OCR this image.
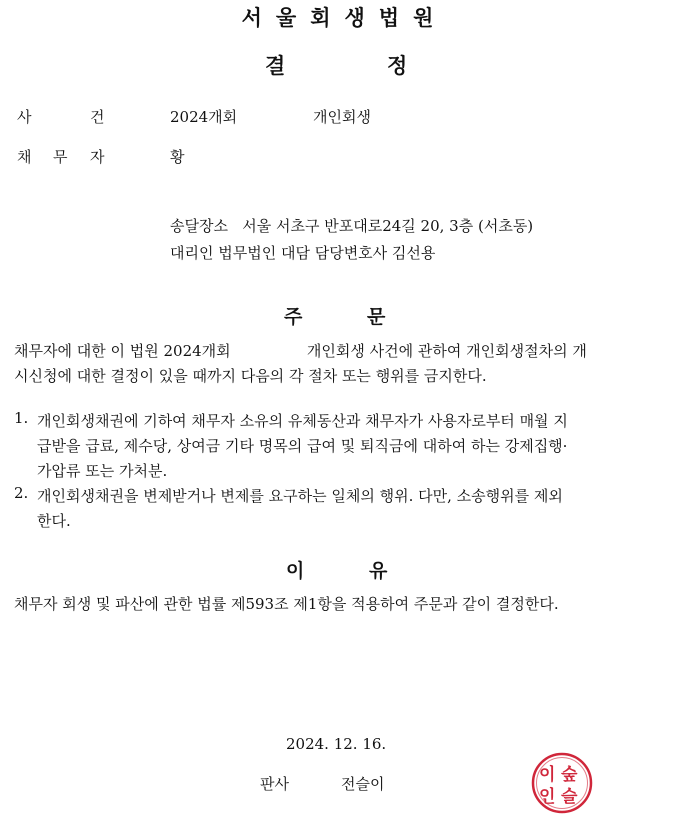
서울회생법원
결	정
사	건	2024개회	개인회생
채 무 자	황
송달장소   서울 서초구 반포대로24길 20, 3층 (서초동)
대리인 법무법인 대담 담당변호사 김선용
주	문
채무자에 대한 이 법원 2024개회                개인회생 사건에 관하여 개인회생절차의 개
시신청에 대한 결정이 있을 때까지 다음의 각 절차 또는 행위를 금지한다.
1. 개인회생채권에 기하여 채무자 소유의 유체동산과 채무자가 사용자로부터 매월 지
급받을 급료, 제수당, 상여금 기타 명목의 급여 및 퇴직금에 대하여 하는 강제집행·
가압류 또는 가처분.
2. 개인회생채권을 변제받거나 변제를 요구하는 일체의 행위. 다만, 소송행위를 제외
한다.
이	유
채무자 회생 및 파산에 관한 법률 제593조 제1항을 적용하여 주문과 같이 결정한다.
2024. 12. 16.
판사	전슬이	이 숲
인 슬
